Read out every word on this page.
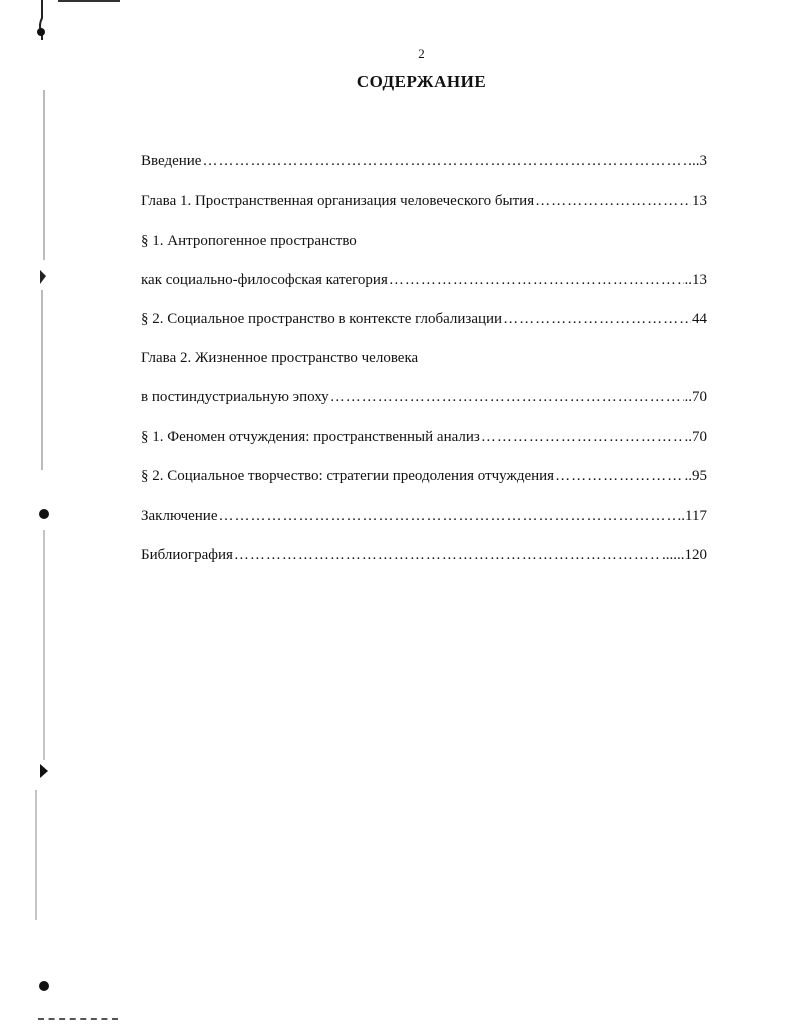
2
СОДЕРЖАНИЕ
Введение …………………………………………………………………………………………………………………………………………	..3
Глава 1. Пространственная организация человеческого бытия …………………………………………………………………………………………………………………………………………	13
§ 1. Антропогенное пространство
как социально-философская категория …………………………………………………………………………………………………………………………………………	..13
§ 2. Социальное пространство в контексте глобализации …………………………………………………………………………………………………………………………………………	44
Глава 2. Жизненное пространство человека
в постиндустриальную эпоху …………………………………………………………………………………………………………………………………………	..70
§ 1. Феномен отчуждения: пространственный анализ …………………………………………………………………………………………………………………………………………	..70
§ 2. Социальное творчество: стратегии преодоления отчуждения …………………………………………………………………………………………………………………………………………	..95
Заключение …………………………………………………………………………………………………………………………………………	..117
Библиография …………………………………………………………………………………………………………………………………………	......120
